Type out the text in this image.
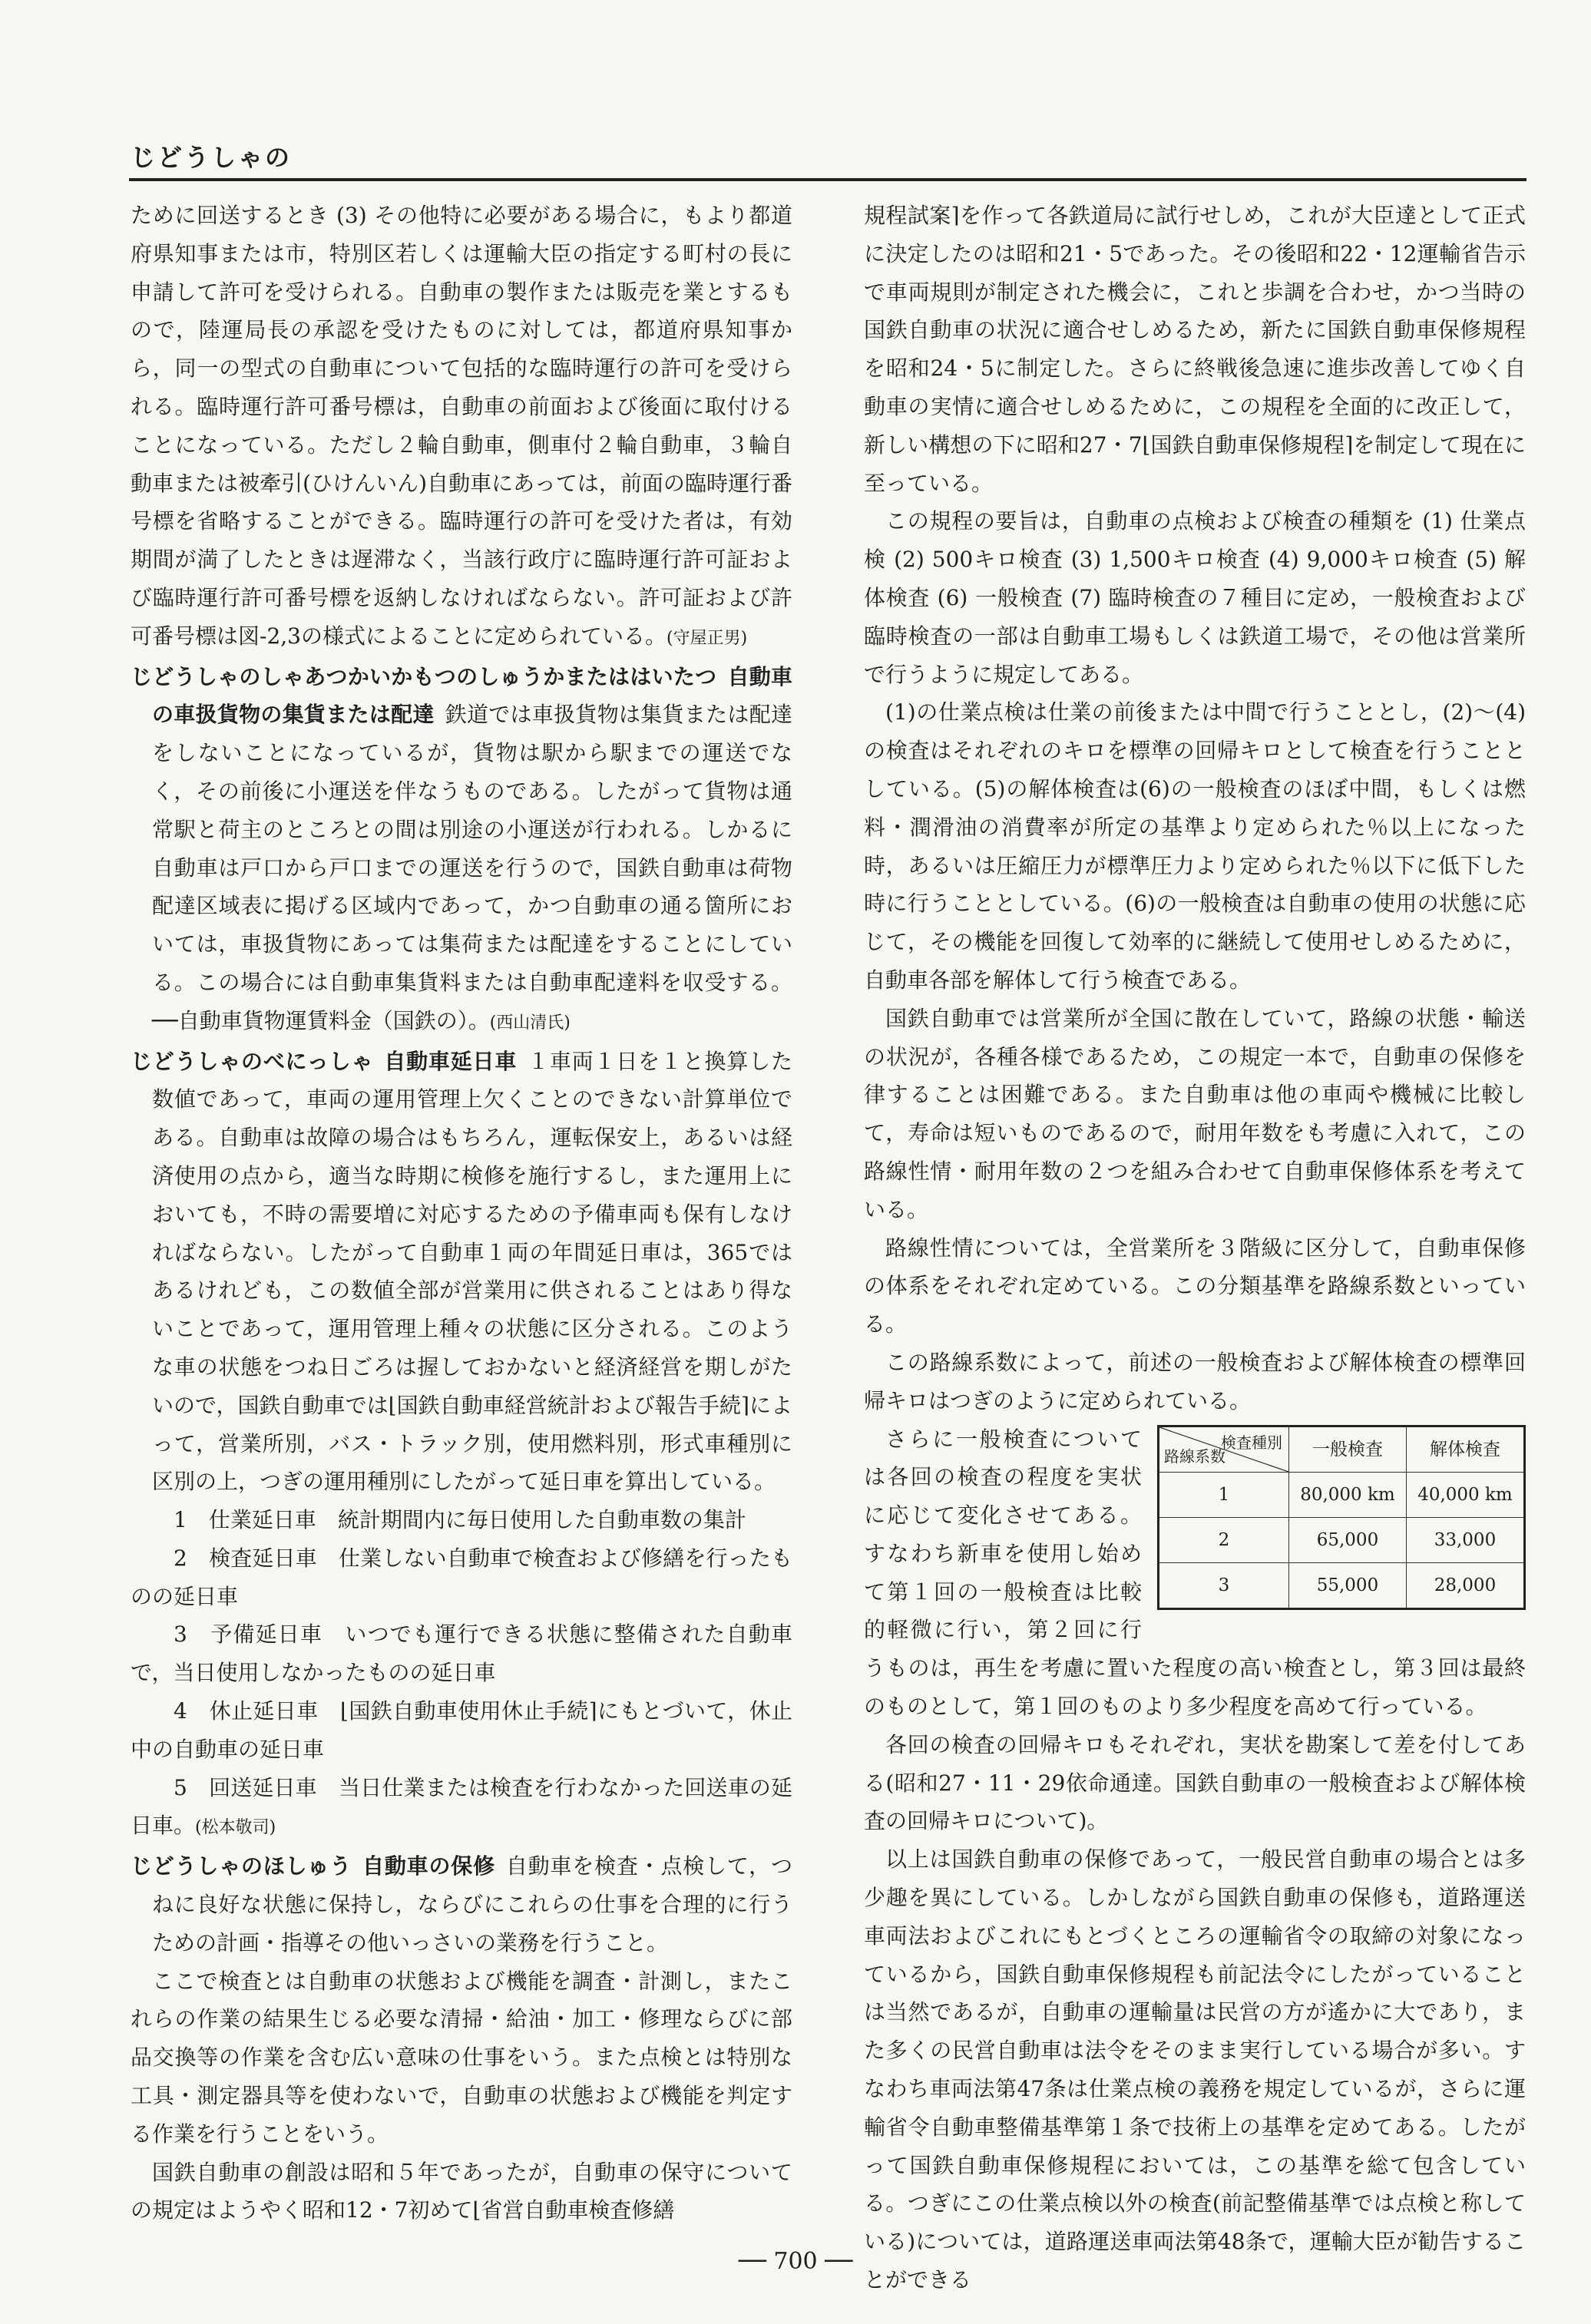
じどうしゃの

ために回送するとき (3) その他特に必要がある場合に，もより都道府県知事または市，特別区若しくは運輸大臣の指定する町村の長に申請して許可を受けられる。自動車の製作または販売を業とするもので，陸運局長の承認を受けたものに対しては，都道府県知事から，同一の型式の自動車について包括的な臨時運行の許可を受けられる。臨時運行許可番号標は，自動車の前面および後面に取付けることになっている。ただし２輪自動車，側車付２輪自動車，３輪自動車または被牽引(ひけんいん)自動車にあっては，前面の臨時運行番号標を省略することができる。臨時運行の許可を受けた者は，有効期間が満了したときは遅滞なく，当該行政庁に臨時運行許可証および臨時運行許可番号標を返納しなければならない。許可証および許可番号標は図-2,3の様式によることに定められている。(守屋正男)

じどうしゃのしゃあつかいかもつのしゅうかまたははいたつ 自動車の車扱貨物の集貨または配達 鉄道では車扱貨物は集貨または配達をしないことになっているが，貨物は駅から駅までの運送でなく，その前後に小運送を伴なうものである。したがって貨物は通常駅と荷主のところとの間は別途の小運送が行われる。しかるに自動車は戸口から戸口までの運送を行うので，国鉄自動車は荷物配達区域表に掲げる区域内であって，かつ自動車の通る箇所においては，車扱貨物にあっては集荷または配達をすることにしている。この場合には自動車集貨料または自動車配達料を収受する。──自動車貨物運賃料金（国鉄の）。(西山清氏)

じどうしゃのべにっしゃ 自動車延日車 １車両１日を１と換算した数値であって，車両の運用管理上欠くことのできない計算単位である。自動車は故障の場合はもちろん，運転保安上，あるいは経済使用の点から，適当な時期に検修を施行するし，また運用上においても，不時の需要増に対応するための予備車両も保有しなければならない。したがって自動車１両の年間延日車は，365ではあるけれども，この数値全部が営業用に供されることはあり得ないことであって，運用管理上種々の状態に区分される。このような車の状態をつね日ごろは握しておかないと経済経営を期しがたいので，国鉄自動車では⌊国鉄自動車経営統計および報告手続⌉によって，営業所別，バス・トラック別，使用燃料別，形式車種別に区別の上，つぎの運用種別にしたがって延日車を算出している。

1　 仕業延日車　 統計期間内に毎日使用した自動車数の集計

2　 検査延日車　 仕業しない自動車で検査および修繕を行ったものの延日車

3　 予備延日車　 いつでも運行できる状態に整備された自動車で，当日使用しなかったものの延日車

4　 休止延日車　 ⌊国鉄自動車使用休止手続⌉にもとづいて，休止中の自動車の延日車

5　 回送延日車　 当日仕業または検査を行わなかった回送車の延日車。(松本敬司)

じどうしゃのほしゅう 自動車の保修 自動車を検査・点検して，つねに良好な状態に保持し，ならびにこれらの仕事を合理的に行うための計画・指導その他いっさいの業務を行うこと。

ここで検査とは自動車の状態および機能を調査・計測し，またこれらの作業の結果生じる必要な清掃・給油・加工・修理ならびに部品交換等の作業を含む広い意味の仕事をいう。また点検とは特別な工具・測定器具等を使わないで，自動車の状態および機能を判定する作業を行うことをいう。

国鉄自動車の創設は昭和５年であったが，自動車の保守についての規定はようやく昭和12・7初めて⌊省営自動車検査修繕

規程試案⌉を作って各鉄道局に試行せしめ，これが大臣達として正式に決定したのは昭和21・5であった。その後昭和22・12運輸省告示で車両規則が制定された機会に，これと歩調を合わせ，かつ当時の国鉄自動車の状況に適合せしめるため，新たに国鉄自動車保修規程を昭和24・5に制定した。さらに終戦後急速に進歩改善してゆく自動車の実情に適合せしめるために，この規程を全面的に改正して，新しい構想の下に昭和27・7⌊国鉄自動車保修規程⌉を制定して現在に至っている。

この規程の要旨は，自動車の点検および検査の種類を (1) 仕業点検 (2) 500キロ検査 (3) 1,500キロ検査 (4) 9,000キロ検査 (5) 解体検査 (6) 一般検査 (7) 臨時検査の７種目に定め，一般検査および臨時検査の一部は自動車工場もしくは鉄道工場で，その他は営業所で行うように規定してある。

(1)の仕業点検は仕業の前後または中間で行うこととし，(2)～(4)の検査はそれぞれのキロを標準の回帰キロとして検査を行うこととしている。(5)の解体検査は(6)の一般検査のほぼ中間，もしくは燃料・潤滑油の消費率が所定の基準より定められた％以上になった時，あるいは圧縮圧力が標準圧力より定められた％以下に低下した時に行うこととしている。(6)の一般検査は自動車の使用の状態に応じて，その機能を回復して効率的に継続して使用せしめるために，自動車各部を解体して行う検査である。

国鉄自動車では営業所が全国に散在していて，路線の状態・輸送の状況が，各種各様であるため，この規定一本で，自動車の保修を律することは困難である。また自動車は他の車両や機械に比較して，寿命は短いものであるので，耐用年数をも考慮に入れて，この路線性情・耐用年数の２つを組み合わせて自動車保修体系を考えている。

路線性情については，全営業所を３階級に区分して，自動車保修の体系をそれぞれ定めている。この分類基準を路線系数といっている。

この路線系数によって，前述の一般検査および解体検査の標準回帰キロはつぎのように定められている。

検査種別
路線系数	一般検査	解体検査
1	80,000 km	40,000 km
2	65,000	33,000
3	55,000	28,000

さらに一般検査については各回の検査の程度を実状に応じて変化させてある。すなわち新車を使用し始めて第１回の一般検査は比較的軽微に行い，第２回に行うものは，再生を考慮に置いた程度の高い検査とし，第３回は最終のものとして，第１回のものより多少程度を高めて行っている。

各回の検査の回帰キロもそれぞれ，実状を勘案して差を付してある(昭和27・11・29依命通達。国鉄自動車の一般検査および解体検査の回帰キロについて)。

以上は国鉄自動車の保修であって，一般民営自動車の場合とは多少趣を異にしている。しかしながら国鉄自動車の保修も，道路運送車両法およびこれにもとづくところの運輸省令の取締の対象になっているから，国鉄自動車保修規程も前記法令にしたがっていることは当然であるが，自動車の運輸量は民営の方が遙かに大であり，また多くの民営自動車は法令をそのまま実行している場合が多い。すなわち車両法第47条は仕業点検の義務を規定しているが，さらに運輸省令自動車整備基準第１条で技術上の基準を定めてある。したがって国鉄自動車保修規程においては，この基準を総て包含している。つぎにこの仕業点検以外の検査(前記整備基準では点検と称している)については，道路運送車両法第48条で，運輸大臣が勧告することができる

── 700 ──
